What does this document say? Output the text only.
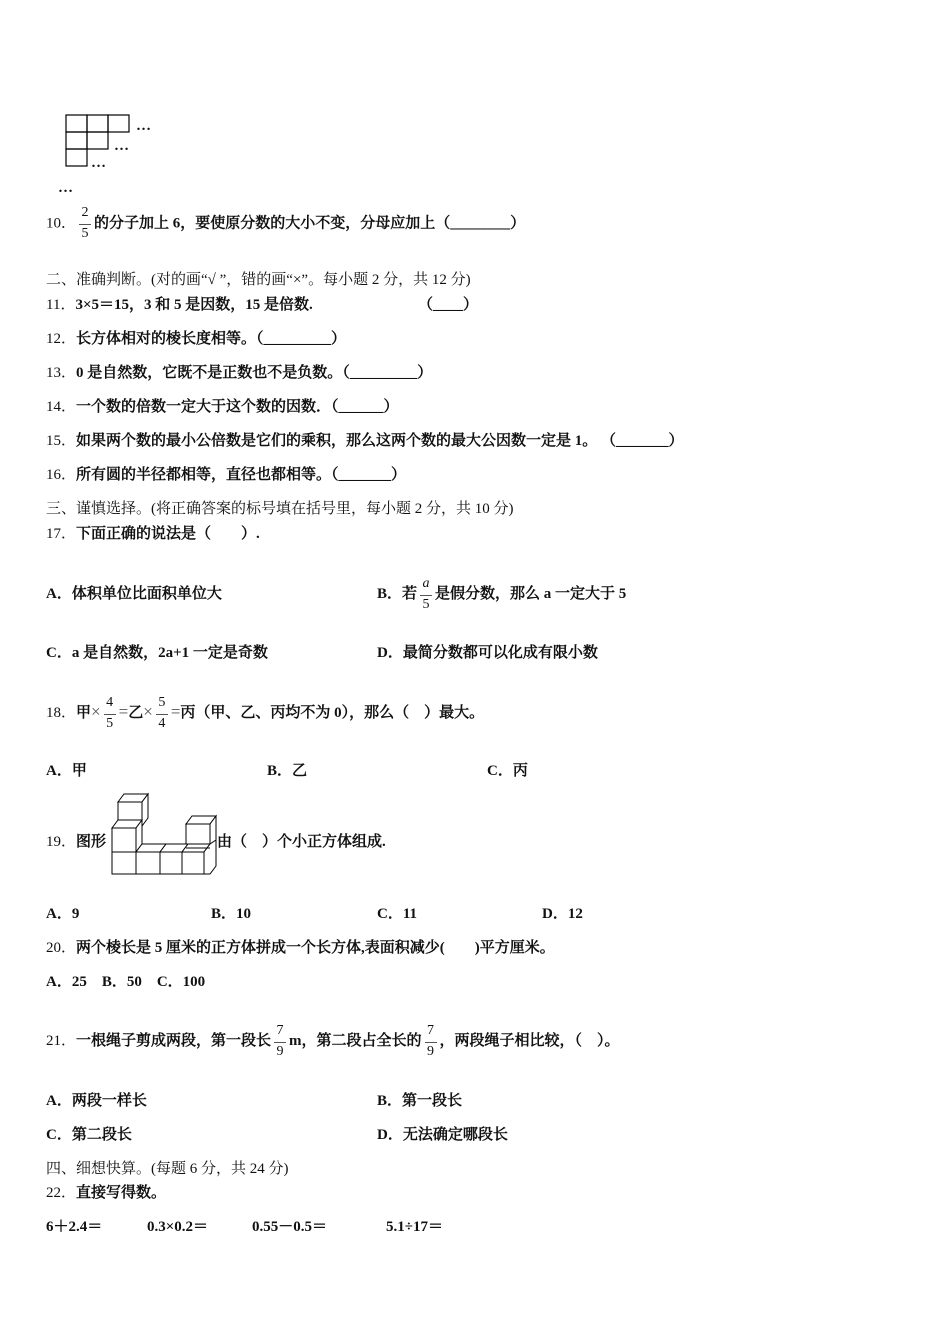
…
…
…
…
10． $\frac{2}{5}$ 的分子加上 6，要使原分数的大小不变，分母应加上（________）
二、准确判断。(对的画“√ ”，错的画“×”。每小题 2 分，共 12 分)
11．3×5＝15，3 和 5 是因数，15 是倍数.	（____）
12．长方体相对的棱长度相等。（_________）
13．0 是自然数，它既不是正数也不是负数。（_________）
14．一个数的倍数一定大于这个数的因数．（______）
15．如果两个数的最小公倍数是它们的乘积，那么这两个数的最大公因数一定是 1。 （_______）
16．所有圆的半径都相等，直径也都相等。（_______）
三、谨慎选择。(将正确答案的标号填在括号里，每小题 2 分，共 10 分)
17．下面正确的说法是（　　）.
A．体积单位比面积单位大	B．若 $\frac{a}{5}$ 是假分数，那么 a 一定大于 5
C．a 是自然数，2a+1 一定是奇数	D．最简分数都可以化成有限小数
18．甲× $\frac{4}{5}$ =乙× $\frac{5}{4}$ =丙（甲、乙、丙均不为 0），那么（　）最大。
A．甲	B．乙	C．丙
19．图形	由（　）个小正方体组成.
A．9	B．10	C．11	D．12
20．两个棱长是 5 厘米的正方体拼成一个长方体,表面积减少(　　)平方厘米。
A．25　B．50　C．100
21．一根绳子剪成两段，第一段长 $\frac{7}{9}$ m，第二段占全长的 $\frac{7}{9}$ ，两段绳子相比较，（　）。
A．两段一样长	B．第一段长
C．第二段长	D．无法确定哪段长
四、细想快算。(每题 6 分，共 24 分)
22．直接写得数。
6＋2.4＝	0.3×0.2＝	0.55－0.5＝	5.1÷17＝
